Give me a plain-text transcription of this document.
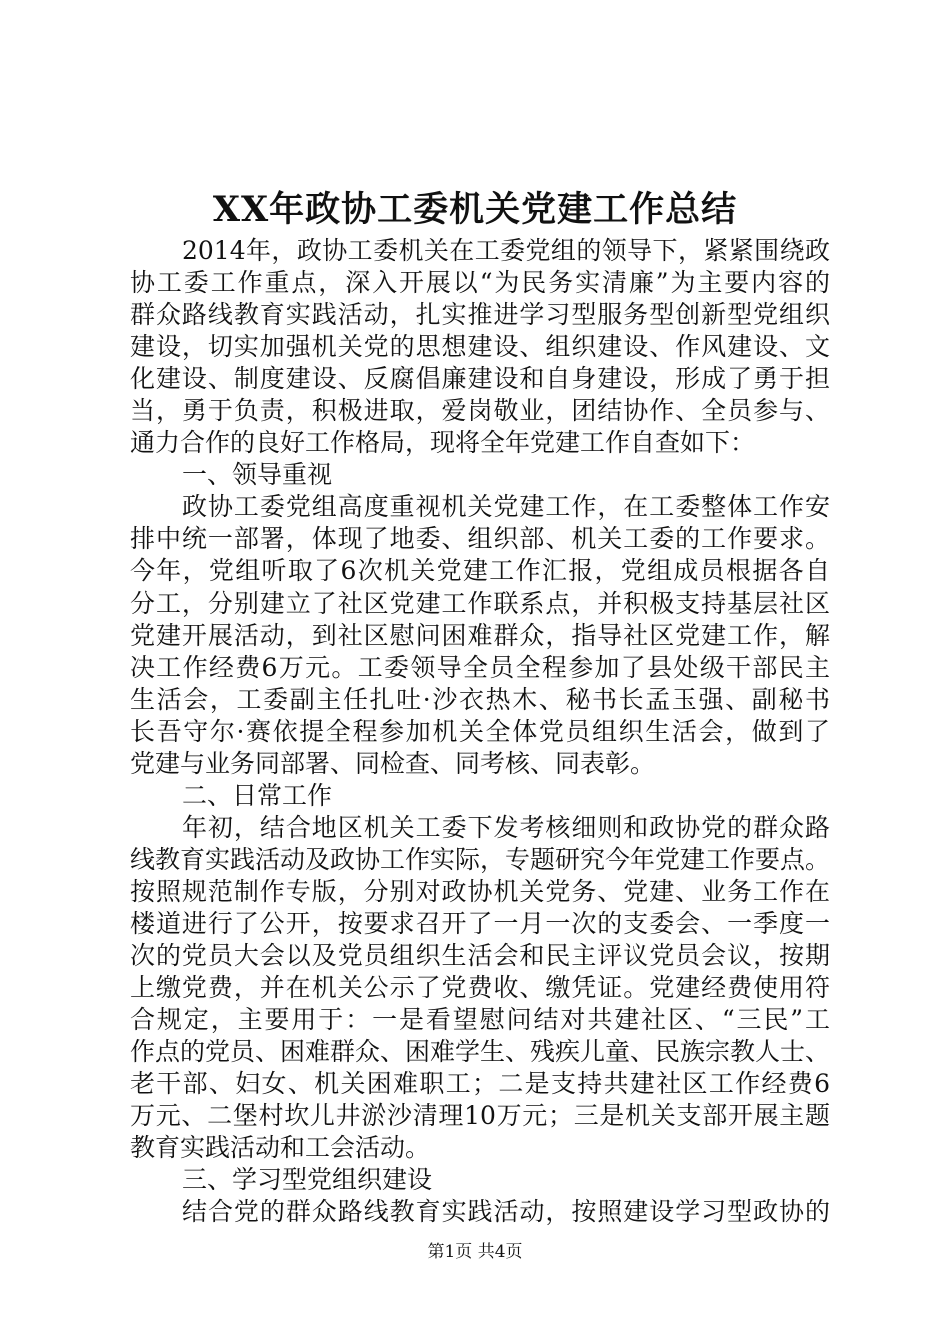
XX年政协工委机关党建工作总结
2014年，政协工委机关在工委党组的领导下，紧紧围绕政
协工委工作重点，深入开展以“为民务实清廉”为主要内容的
群众路线教育实践活动，扎实推进学习型服务型创新型党组织
建设，切实加强机关党的思想建设、组织建设、作风建设、文
化建设、制度建设、反腐倡廉建设和自身建设，形成了勇于担
当，勇于负责，积极进取，爱岗敬业，团结协作、全员参与、
通力合作的良好工作格局，现将全年党建工作自查如下：
一、领导重视
政协工委党组高度重视机关党建工作，在工委整体工作安
排中统一部署，体现了地委、组织部、机关工委的工作要求。
今年，党组听取了6次机关党建工作汇报，党组成员根据各自
分工，分别建立了社区党建工作联系点，并积极支持基层社区
党建开展活动，到社区慰问困难群众，指导社区党建工作，解
决工作经费6万元。工委领导全员全程参加了县处级干部民主
生活会，工委副主任扎吐·沙衣热木、秘书长孟玉强、副秘书
长吾守尔·赛依提全程参加机关全体党员组织生活会，做到了
党建与业务同部署、同检查、同考核、同表彰。
二、日常工作
年初，结合地区机关工委下发考核细则和政协党的群众路
线教育实践活动及政协工作实际，专题研究今年党建工作要点。
按照规范制作专版，分别对政协机关党务、党建、业务工作在
楼道进行了公开，按要求召开了一月一次的支委会、一季度一
次的党员大会以及党员组织生活会和民主评议党员会议，按期
上缴党费，并在机关公示了党费收、缴凭证。党建经费使用符
合规定，主要用于：一是看望慰问结对共建社区、“三民”工
作点的党员、困难群众、困难学生、残疾儿童、民族宗教人士、
老干部、妇女、机关困难职工；二是支持共建社区工作经费6
万元、二堡村坎儿井淤沙清理10万元；三是机关支部开展主题
教育实践活动和工会活动。
三、学习型党组织建设
结合党的群众路线教育实践活动，按照建设学习型政协的
第1页 共4页
